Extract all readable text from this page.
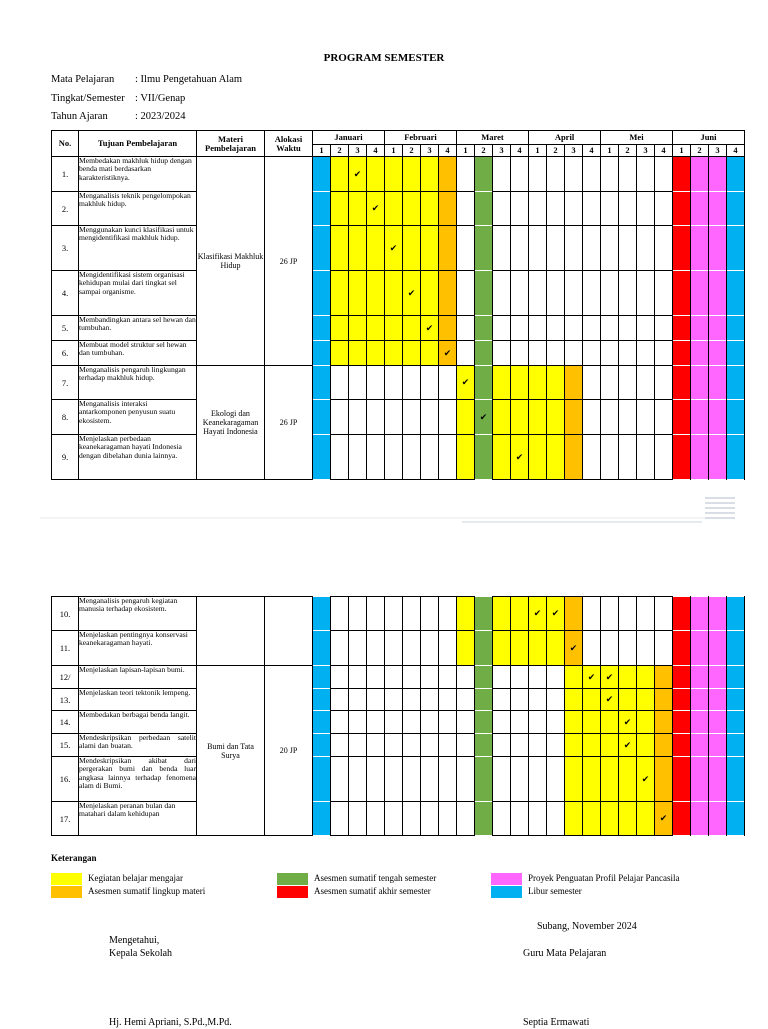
PROGRAM SEMESTER
Mata Pelajaran : Ilmu Pengetahuan Alam
Tingkat/Semester : VII/Genap
Tahun Ajaran	: 2023/2024
No.	Tujuan Pembelajaran	Materi Pembelajaran	Alokasi Waktu	Januari				Februari				Maret				April				Mei				Juni			
				1	2	3	4	1	2	3	4	1	2	3	4	1	2	3	4	1	2	3	4	1	2	3	4
1.	Membedakan makhluk hidup dengan benda mati berdasarkan karakteristiknya.	Klasifikasi Makhluk Hidup	26 JP			✔																					
2.	Menganalisis teknik pengelompokan makhluk hidup.						✔																				
3.	Menggunakan kunci klasifikasi untuk mengidentifikasi makhluk hidup.							✔																			
4.	Mengidentifikasi sistem organisasi kehidupan mulai dari tingkat sel sampai organisme.								✔																		
5.	Membandingkan antara sel hewan dan tumbuhan.									✔																	
6.	Membuat model struktur sel hewan dan tumbuhan.										✔																
7.	Menganalisis pengaruh lingkungan terhadap makhluk hidup.	Ekologi dan Keanekaragaman Hayati Indonesia	26 JP									✔															
8.	Menganalisis interaksi antarkomponen penyusun suatu ekosistem.												✔														
9.	Menjelaskan perbedaan keanekaragaman hayati Indonesia dengan dibelahan dunia lainnya.														✔												
10.	Menganalisis pengaruh kegiatan manusia terhadap ekosistem.															✔	✔										
11.	Menjelaskan pentingnya konservasi keanekaragaman hayati.																	✔									
12/	Menjelaskan lapisan-lapisan bumi.	Bumi dan Tata Surya	20 JP																✔	✔							
13.	Menjelaskan teori tektonik lempeng.																			✔							
14.	Membedakan berbagai benda langit.																				✔						
15.	Mendeskripsikan perbedaan satelit alami dan buatan.																				✔						
16.	Mendeskripsikan akibat dari pergerakan bumi dan benda luar angkasa lainnya terhadap fenomena alam di Bumi.																					✔					
17.	Menjelaskan peranan bulan dan matahari dalam kehidupan																						✔				
Keterangan
Kegiatan belajar mengajar
Asesmen sumatif lingkup materi
Asesmen sumatif tengah semester
Asesmen sumatif akhir semester
Proyek Penguatan Profil Pelajar Pancasila
Libur semester
Subang, November 2024
Mengetahui,
Kepala Sekolah	Guru Mata Pelajaran
Hj. Hemi Apriani, S.Pd.,M.Pd.	Septia Ermawati
